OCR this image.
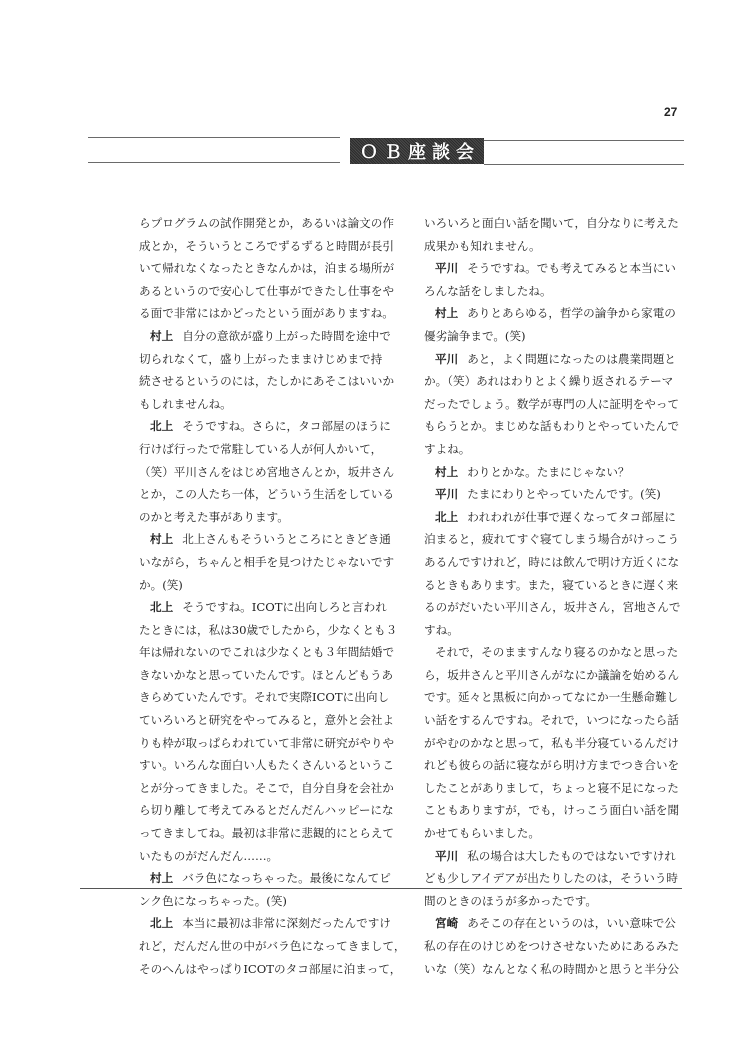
27
ＯＢ座談会
らプログラムの試作開発とか，あるいは論文の作
成とか，そういうところでずるずると時間が長引
いて帰れなくなったときなんかは，泊まる場所が
あるというので安心して仕事ができたし仕事をや
る面で非常にはかどったという面がありますね。
村上 自分の意欲が盛り上がった時間を途中で
切られなくて，盛り上がったままけじめまで持
続させるというのには，たしかにあそこはいいか
もしれませんね。
北上 そうですね。さらに，タコ部屋のほうに
行けば行ったで常駐している人が何人かいて，
（笑）平川さんをはじめ宮地さんとか，坂井さん
とか，この人たち一体，どういう生活をしている
のかと考えた事があります。
村上 北上さんもそういうところにときどき通
いながら，ちゃんと相手を見つけたじゃないです
か。(笑)
北上 そうですね。ICOTに出向しろと言われ
たときには，私は30歳でしたから，少なくとも３
年は帰れないのでこれは少なくとも３年間結婚で
きないかなと思っていたんです。ほとんどもうあ
きらめていたんです。それで実際ICOTに出向し
ていろいろと研究をやってみると，意外と会社よ
りも枠が取っぱらわれていて非常に研究がやりや
すい。いろんな面白い人もたくさんいるというこ
とが分ってきました。そこで，自分自身を会社か
ら切り離して考えてみるとだんだんハッピーにな
ってきましてね。最初は非常に悲観的にとらえて
いたものがだんだん……。
村上 バラ色になっちゃった。最後になんてピ
ンク色になっちゃった。(笑)
北上 本当に最初は非常に深刻だったんですけ
れど，だんだん世の中がバラ色になってきまして，
そのへんはやっぱりICOTのタコ部屋に泊まって，
いろいろと面白い話を聞いて，自分なりに考えた
成果かも知れません。
平川 そうですね。でも考えてみると本当にい
ろんな話をしましたね。
村上 ありとあらゆる，哲学の論争から家電の
優劣論争まで。(笑)
平川 あと，よく問題になったのは農業問題と
か。（笑）あれはわりとよく繰り返されるテーマ
だったでしょう。数学が専門の人に証明をやって
もらうとか。まじめな話もわりとやっていたんで
すよね。
村上 わりとかな。たまにじゃない？
平川 たまにわりとやっていたんです。(笑)
北上 われわれが仕事で遅くなってタコ部屋に
泊まると，疲れてすぐ寝てしまう場合がけっこう
あるんですけれど，時には飲んで明け方近くにな
るときもあります。また，寝ているときに遅く来
るのがだいたい平川さん，坂井さん，宮地さんで
すね。
それで，そのまますんなり寝るのかなと思った
ら，坂井さんと平川さんがなにか議論を始めるん
です。延々と黒板に向かってなにか一生懸命難し
い話をするんですね。それで，いつになったら話
がやむのかなと思って，私も半分寝ているんだけ
れども彼らの話に寝ながら明け方までつき合いを
したことがありまして，ちょっと寝不足になった
こともありますが，でも，けっこう面白い話を聞
かせてもらいました。
平川 私の場合は大したものではないですけれ
ども少しアイデアが出たりしたのは，そういう時
間のときのほうが多かったです。
宮崎 あそこの存在というのは，いい意味で公
私の存在のけじめをつけさせないためにあるみた
いな（笑）なんとなく私の時間かと思うと半分公
